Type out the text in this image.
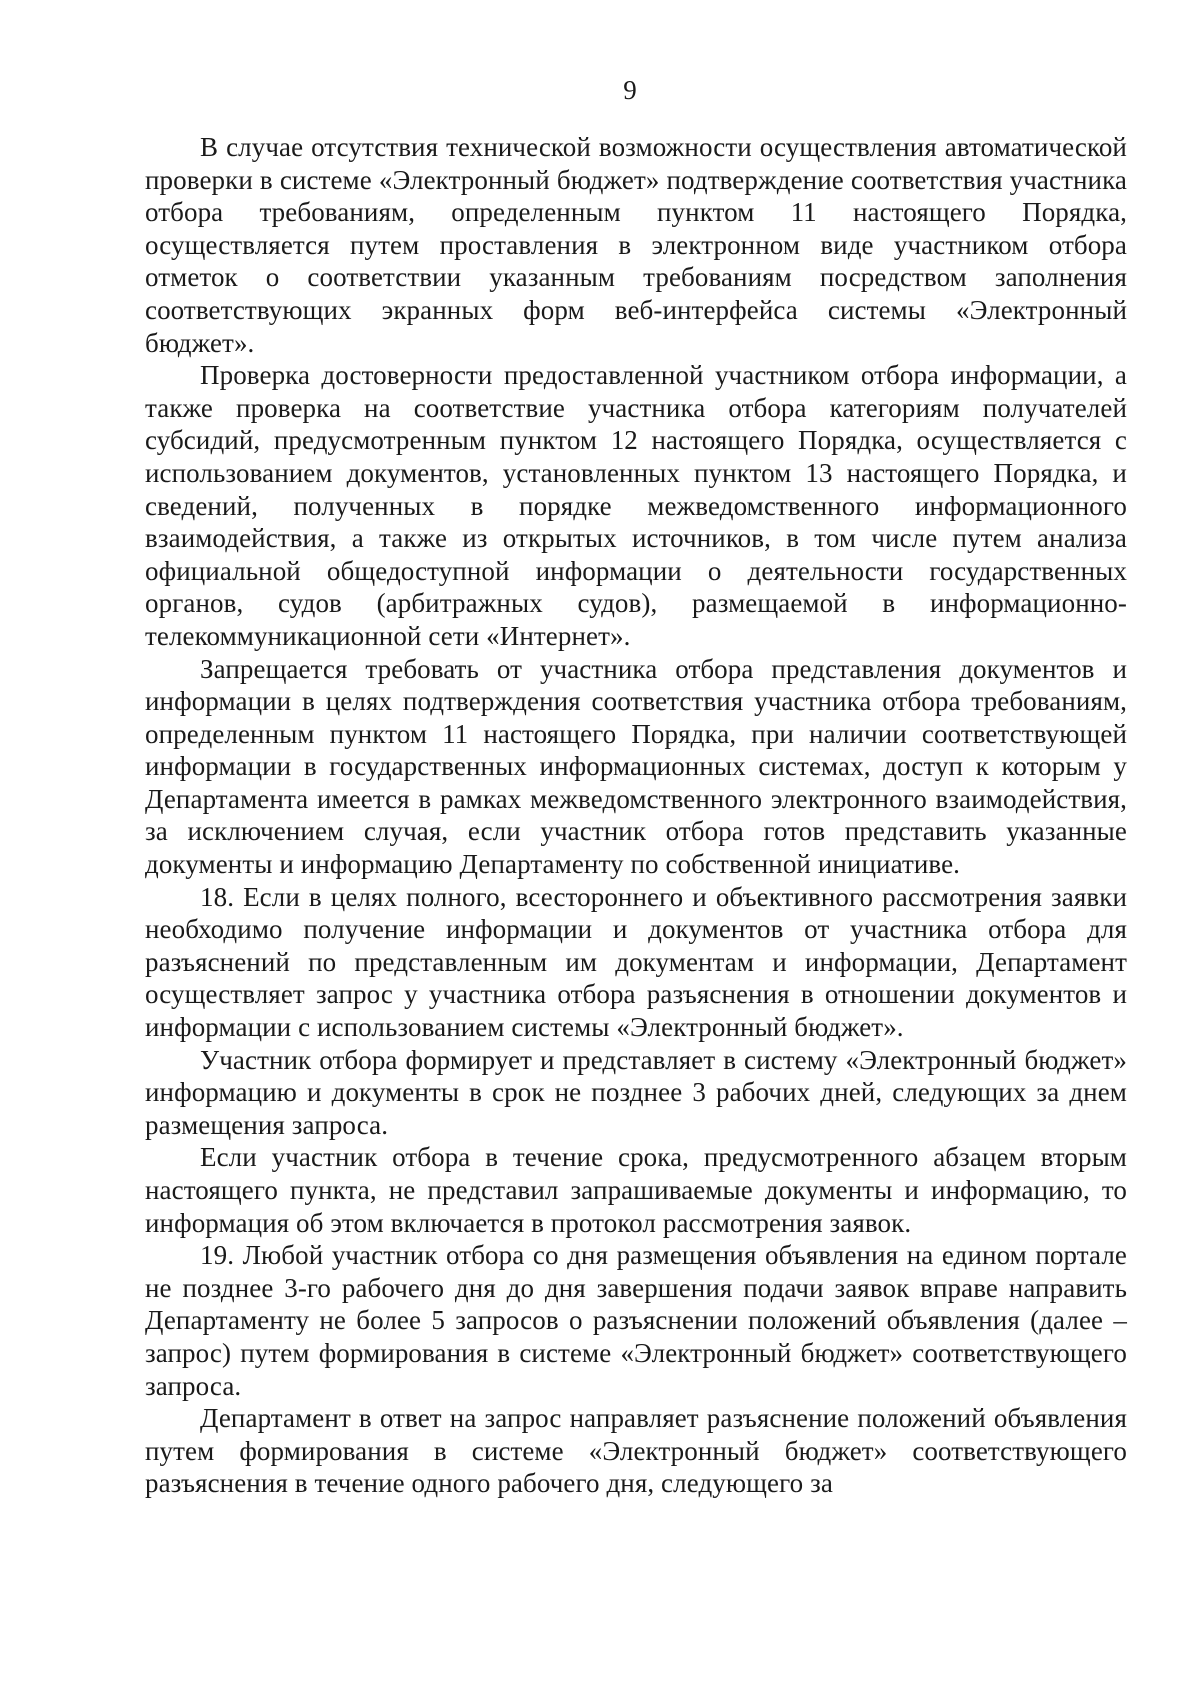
9

В случае отсутствия технической возможности осуществления автоматической проверки в системе «Электронный бюджет» подтверждение соответствия участника отбора требованиям, определенным пунктом 11 настоящего Порядка, осуществляется путем проставления в электронном виде участником отбора отметок о соответствии указанным требованиям посредством заполнения соответствующих экранных форм веб-интерфейса системы «Электронный бюджет».

Проверка достоверности предоставленной участником отбора информации, а также проверка на соответствие участника отбора категориям получателей субсидий, предусмотренным пунктом 12 настоящего Порядка, осуществляется с использованием документов, установленных пунктом 13 настоящего Порядка, и сведений, полученных в порядке межведомственного информационного взаимодействия, а также из открытых источников, в том числе путем анализа официальной общедоступной информации о деятельности государственных органов, судов (арбитражных судов), размещаемой в информационно-телекоммуникационной сети «Интернет».

Запрещается требовать от участника отбора представления документов и информации в целях подтверждения соответствия участника отбора требованиям, определенным пунктом 11 настоящего Порядка, при наличии соответствующей информации в государственных информационных системах, доступ к которым у Департамента имеется в рамках межведомственного электронного взаимодействия, за исключением случая, если участник отбора готов представить указанные документы и информацию Департаменту по собственной инициативе.

18. Если в целях полного, всестороннего и объективного рассмотрения заявки необходимо получение информации и документов от участника отбора для разъяснений по представленным им документам и информации, Департамент осуществляет запрос у участника отбора разъяснения в отношении документов и информации с использованием системы «Электронный бюджет».

Участник отбора формирует и представляет в систему «Электронный бюджет» информацию и документы в срок не позднее 3 рабочих дней, следующих за днем размещения запроса.

Если участник отбора в течение срока, предусмотренного абзацем вторым настоящего пункта, не представил запрашиваемые документы и информацию, то информация об этом включается в протокол рассмотрения заявок.

19. Любой участник отбора со дня размещения объявления на едином портале не позднее 3-го рабочего дня до дня завершения подачи заявок вправе направить Департаменту не более 5 запросов о разъяснении положений объявления (далее – запрос) путем формирования в системе «Электронный бюджет» соответствующего запроса.

Департамент в ответ на запрос направляет разъяснение положений объявления путем формирования в системе «Электронный бюджет» соответствующего разъяснения в течение одного рабочего дня, следующего за
